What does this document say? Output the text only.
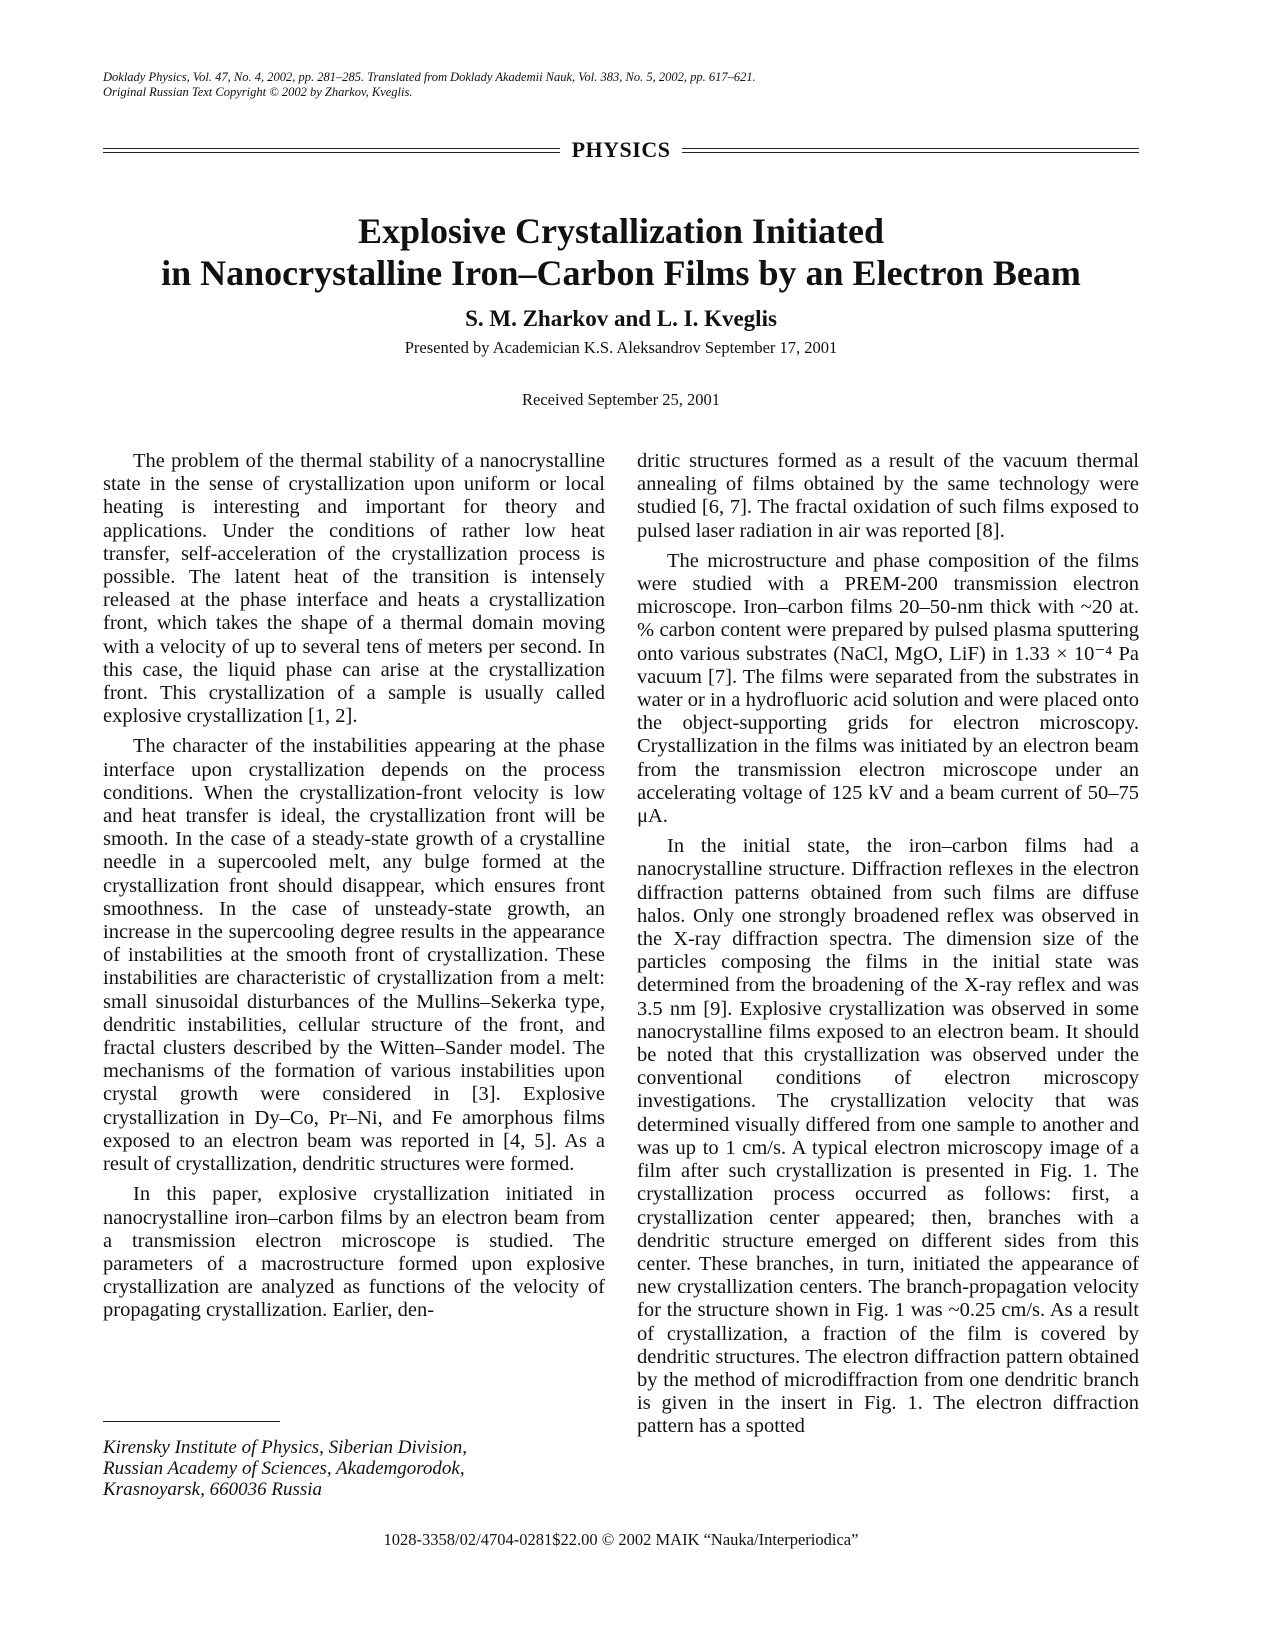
Doklady Physics, Vol. 47, No. 4, 2002, pp. 281–285. Translated from Doklady Akademii Nauk, Vol. 383, No. 5, 2002, pp. 617–621.
Original Russian Text Copyright © 2002 by Zharkov, Kveglis.
PHYSICS
Explosive Crystallization Initiated
in Nanocrystalline Iron–Carbon Films by an Electron Beam
S. M. Zharkov and L. I. Kveglis
Presented by Academician K.S. Aleksandrov September 17, 2001
Received September 25, 2001

The problem of the thermal stability of a nanocrystalline state in the sense of crystallization upon uniform or local heating is interesting and important for theory and applications. Under the conditions of rather low heat transfer, self-acceleration of the crystallization process is possible. The latent heat of the transition is intensely released at the phase interface and heats a crystallization front, which takes the shape of a thermal domain moving with a velocity of up to several tens of meters per second. In this case, the liquid phase can arise at the crystallization front. This crystallization of a sample is usually called explosive crystallization [1, 2].

The character of the instabilities appearing at the phase interface upon crystallization depends on the process conditions. When the crystallization-front velocity is low and heat transfer is ideal, the crystallization front will be smooth. In the case of a steady-state growth of a crystalline needle in a supercooled melt, any bulge formed at the crystallization front should disappear, which ensures front smoothness. In the case of unsteady-state growth, an increase in the supercooling degree results in the appearance of instabilities at the smooth front of crystallization. These instabilities are characteristic of crystallization from a melt: small sinusoidal disturbances of the Mullins–Sekerka type, dendritic instabilities, cellular structure of the front, and fractal clusters described by the Witten–Sander model. The mechanisms of the formation of various instabilities upon crystal growth were considered in [3]. Explosive crystallization in Dy–Co, Pr–Ni, and Fe amorphous films exposed to an electron beam was reported in [4, 5]. As a result of crystallization, dendritic structures were formed.

In this paper, explosive crystallization initiated in nanocrystalline iron–carbon films by an electron beam from a transmission electron microscope is studied. The parameters of a macrostructure formed upon explosive crystallization are analyzed as functions of the velocity of propagating crystallization. Earlier, den-

dritic structures formed as a result of the vacuum thermal annealing of films obtained by the same technology were studied [6, 7]. The fractal oxidation of such films exposed to pulsed laser radiation in air was reported [8].

The microstructure and phase composition of the films were studied with a PREM-200 transmission electron microscope. Iron–carbon films 20–50-nm thick with ~20 at. % carbon content were prepared by pulsed plasma sputtering onto various substrates (NaCl, MgO, LiF) in 1.33 × 10⁻⁴ Pa vacuum [7]. The films were separated from the substrates in water or in a hydrofluoric acid solution and were placed onto the object-supporting grids for electron microscopy. Crystallization in the films was initiated by an electron beam from the transmission electron microscope under an accelerating voltage of 125 kV and a beam current of 50–75 μA.

In the initial state, the iron–carbon films had a nanocrystalline structure. Diffraction reflexes in the electron diffraction patterns obtained from such films are diffuse halos. Only one strongly broadened reflex was observed in the X-ray diffraction spectra. The dimension size of the particles composing the films in the initial state was determined from the broadening of the X-ray reflex and was 3.5 nm [9]. Explosive crystallization was observed in some nanocrystalline films exposed to an electron beam. It should be noted that this crystallization was observed under the conventional conditions of electron microscopy investigations. The crystallization velocity that was determined visually differed from one sample to another and was up to 1 cm/s. A typical electron microscopy image of a film after such crystallization is presented in Fig. 1. The crystallization process occurred as follows: first, a crystallization center appeared; then, branches with a dendritic structure emerged on different sides from this center. These branches, in turn, initiated the appearance of new crystallization centers. The branch-propagation velocity for the structure shown in Fig. 1 was ~0.25 cm/s. As a result of crystallization, a fraction of the film is covered by dendritic structures. The electron diffraction pattern obtained by the method of microdiffraction from one dendritic branch is given in the insert in Fig. 1. The electron diffraction pattern has a spotted

Kirensky Institute of Physics, Siberian Division,
Russian Academy of Sciences, Akademgorodok,
Krasnoyarsk, 660036 Russia
1028-3358/02/4704-0281$22.00 © 2002 MAIK “Nauka/Interperiodica”
